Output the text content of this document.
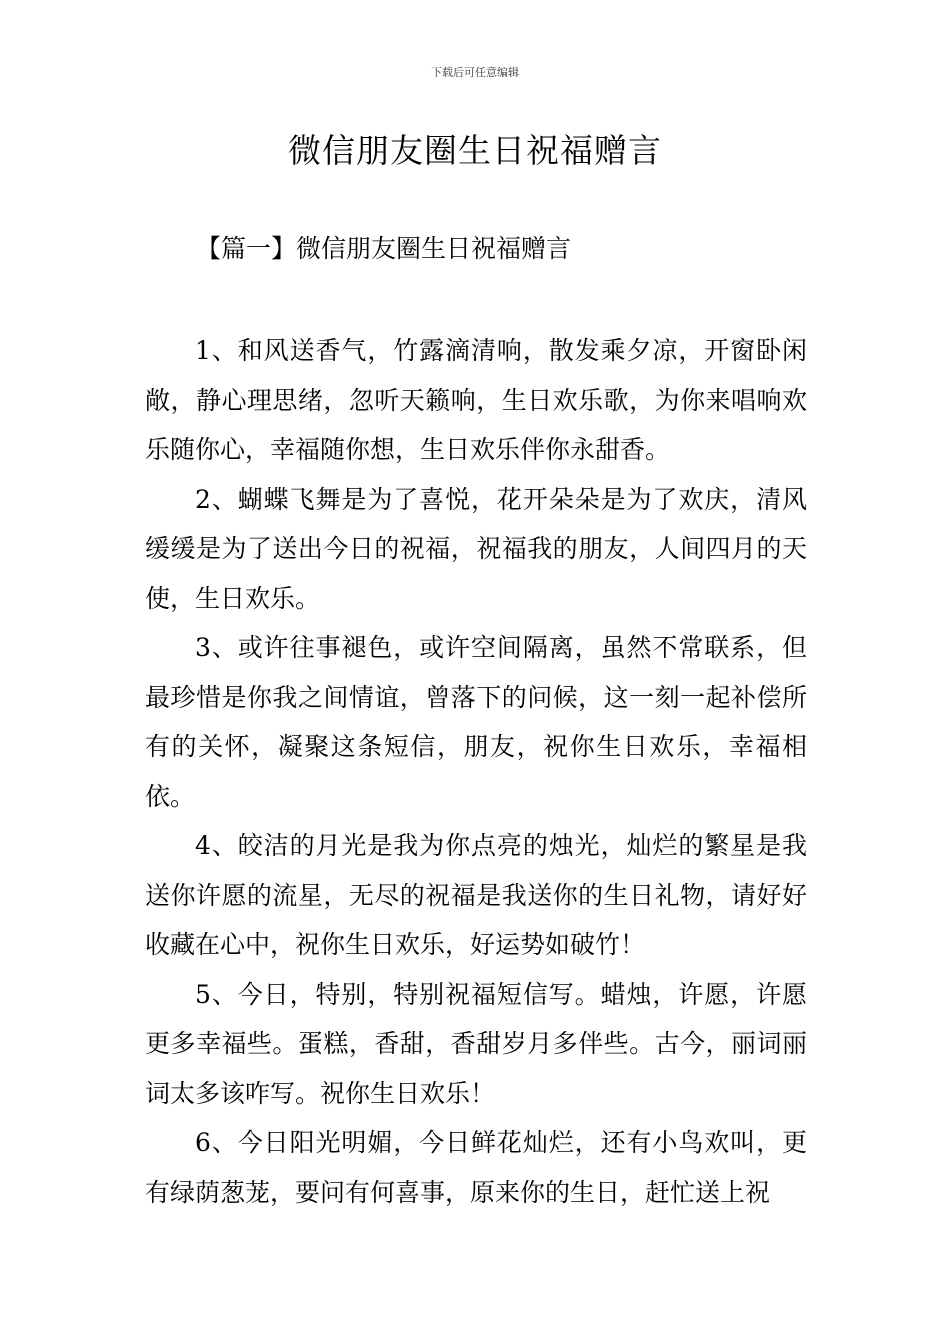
下载后可任意编辑
微信朋友圈生日祝福赠言
【篇一】微信朋友圈生日祝福赠言

1、和风送香气，竹露滴清响，散发乘夕凉，开窗卧闲敞，静心理思绪，忽听天籁响，生日欢乐歌，为你来唱响欢乐随你心，幸福随你想，生日欢乐伴你永甜香。

2、蝴蝶飞舞是为了喜悦，花开朵朵是为了欢庆，清风缓缓是为了送出今日的祝福，祝福我的朋友，人间四月的天使，生日欢乐。

3、或许往事褪色，或许空间隔离，虽然不常联系，但最珍惜是你我之间情谊，曾落下的问候，这一刻一起补偿所有的关怀，凝聚这条短信，朋友，祝你生日欢乐，幸福相依。

4、皎洁的月光是我为你点亮的烛光，灿烂的繁星是我送你许愿的流星，无尽的祝福是我送你的生日礼物，请好好收藏在心中，祝你生日欢乐，好运势如破竹！

5、今日，特别，特别祝福短信写。蜡烛，许愿，许愿更多幸福些。蛋糕，香甜，香甜岁月多伴些。古今，丽词丽词太多该咋写。祝你生日欢乐！

6、今日阳光明媚，今日鲜花灿烂，还有小鸟欢叫，更有绿荫葱茏，要问有何喜事，原来你的生日，赶忙送上祝
